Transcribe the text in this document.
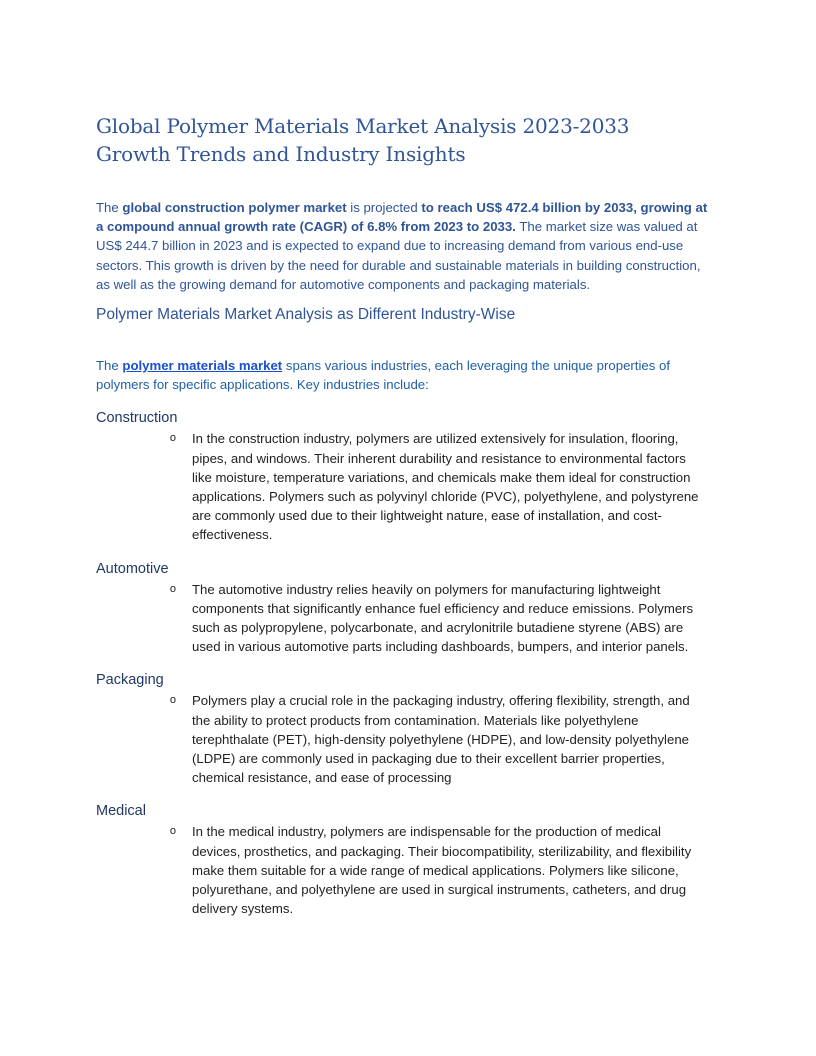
Global Polymer Materials Market Analysis 2023-2033 Growth Trends and Industry Insights

The global construction polymer market is projected to reach US$ 472.4 billion by 2033, growing at a compound annual growth rate (CAGR) of 6.8% from 2023 to 2033. The market size was valued at US$ 244.7 billion in 2023 and is expected to expand due to increasing demand from various end-use sectors. This growth is driven by the need for durable and sustainable materials in building construction, as well as the growing demand for automotive components and packaging materials.

Polymer Materials Market Analysis as Different Industry-Wise

The polymer materials market spans various industries, each leveraging the unique properties of polymers for specific applications. Key industries include:

Construction
o	In the construction industry, polymers are utilized extensively for insulation, flooring, pipes, and windows. Their inherent durability and resistance to environmental factors like moisture, temperature variations, and chemicals make them ideal for construction applications. Polymers such as polyvinyl chloride (PVC), polyethylene, and polystyrene are commonly used due to their lightweight nature, ease of installation, and cost-effectiveness.
Automotive
o	The automotive industry relies heavily on polymers for manufacturing lightweight components that significantly enhance fuel efficiency and reduce emissions. Polymers such as polypropylene, polycarbonate, and acrylonitrile butadiene styrene (ABS) are used in various automotive parts including dashboards, bumpers, and interior panels.
Packaging
o	Polymers play a crucial role in the packaging industry, offering flexibility, strength, and the ability to protect products from contamination. Materials like polyethylene terephthalate (PET), high-density polyethylene (HDPE), and low-density polyethylene (LDPE) are commonly used in packaging due to their excellent barrier properties, chemical resistance, and ease of processing
Medical
o	In the medical industry, polymers are indispensable for the production of medical devices, prosthetics, and packaging. Their biocompatibility, sterilizability, and flexibility make them suitable for a wide range of medical applications. Polymers like silicone, polyurethane, and polyethylene are used in surgical instruments, catheters, and drug delivery systems.
